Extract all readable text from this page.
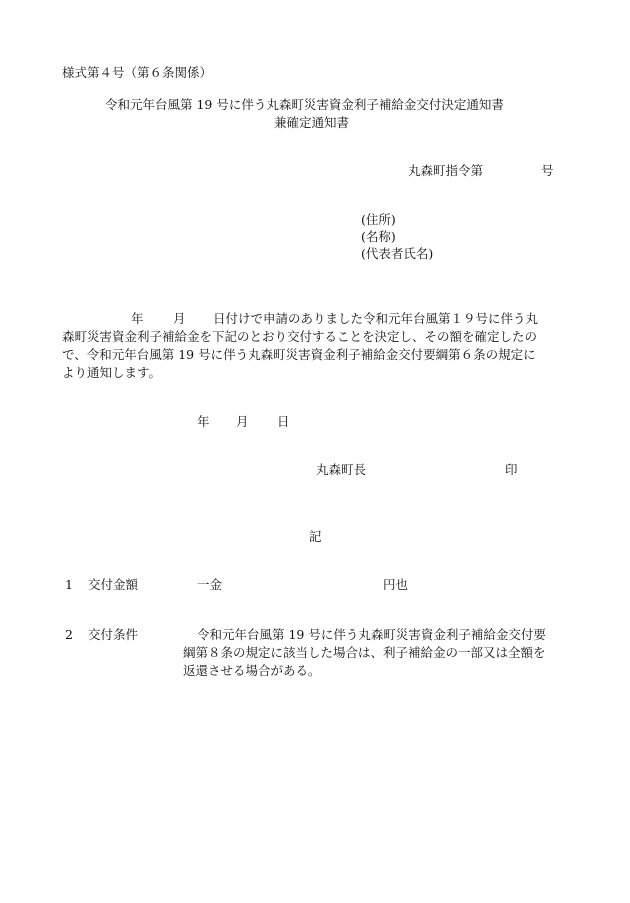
様式第４号（第６条関係）
令和元年台風第 19 号に伴う丸森町災害資金利子補給金交付決定通知書
兼確定通知書
丸森町指令第	号
(住所)
(名称)
(代表者氏名)
年 月 日付けで申請のありました令和元年台風第１９号に伴う丸
森町災害資金利子補給金を下記のとおり交付することを決定し、その額を確定したの
で、令和元年台風第 19 号に伴う丸森町災害資金利子補給金交付要綱第６条の規定に
より通知します。
年 月 日
丸森町長	印
記
1 交付金額	一金	円也
2 交付条件	令和元年台風第 19 号に伴う丸森町災害資金利子補給金交付要
綱第８条の規定に該当した場合は、利子補給金の一部又は全額を
返還させる場合がある。
